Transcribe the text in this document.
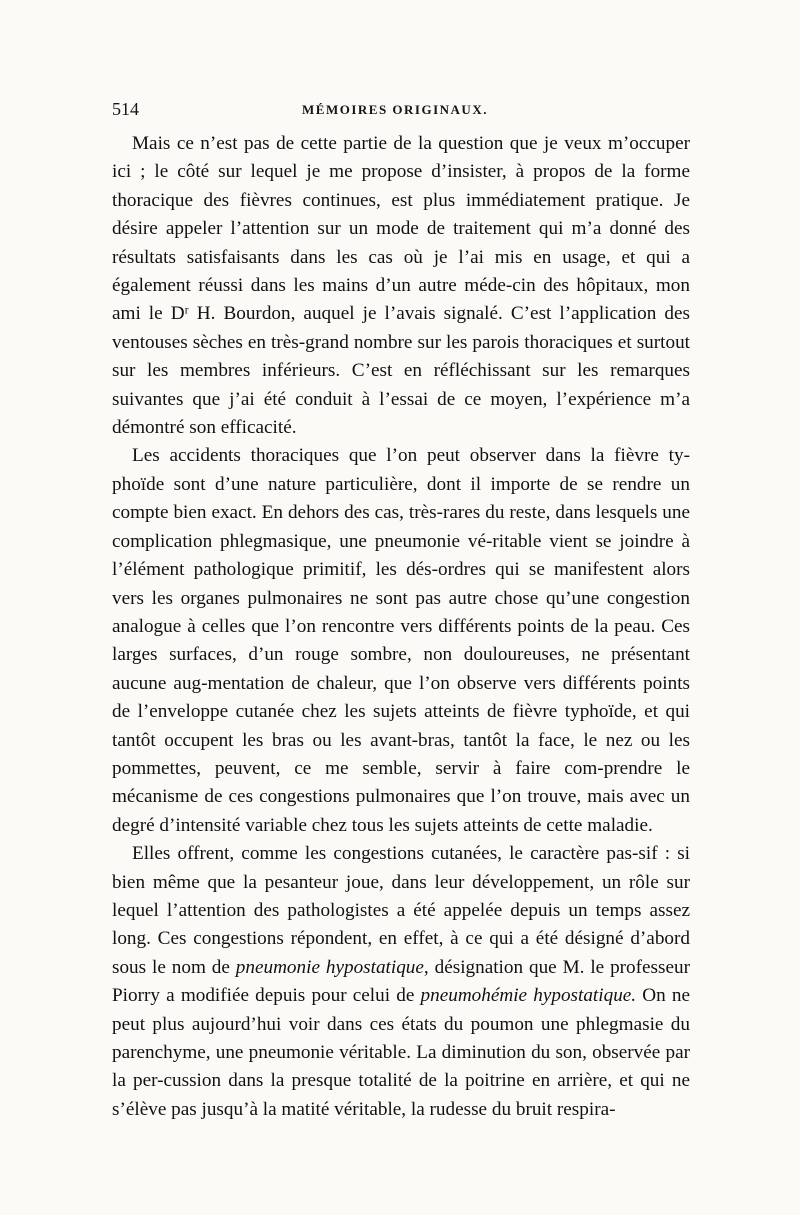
514	MÉMOIRES ORIGINAUX.

Mais ce n’est pas de cette partie de la question que je veux m’occuper ici ; le côté sur lequel je me propose d’insister, à propos de la forme thoracique des fièvres continues, est plus immédiatement pratique. Je désire appeler l’attention sur un mode de traitement qui m’a donné des résultats satisfaisants dans les cas où je l’ai mis en usage, et qui a également réussi dans les mains d’un autre méde-cin des hôpitaux, mon ami le Dʳ H. Bourdon, auquel je l’avais signalé. C’est l’application des ventouses sèches en très-grand nombre sur les parois thoraciques et surtout sur les membres inférieurs. C’est en réfléchissant sur les remarques suivantes que j’ai été conduit à l’essai de ce moyen, l’expérience m’a démontré son efficacité.

Les accidents thoraciques que l’on peut observer dans la fièvre ty-phoïde sont d’une nature particulière, dont il importe de se rendre un compte bien exact. En dehors des cas, très-rares du reste, dans lesquels une complication phlegmasique, une pneumonie vé-ritable vient se joindre à l’élément pathologique primitif, les dés-ordres qui se manifestent alors vers les organes pulmonaires ne sont pas autre chose qu’une congestion analogue à celles que l’on rencontre vers différents points de la peau. Ces larges surfaces, d’un rouge sombre, non douloureuses, ne présentant aucune aug-mentation de chaleur, que l’on observe vers différents points de l’enveloppe cutanée chez les sujets atteints de fièvre typhoïde, et qui tantôt occupent les bras ou les avant-bras, tantôt la face, le nez ou les pommettes, peuvent, ce me semble, servir à faire com-prendre le mécanisme de ces congestions pulmonaires que l’on trouve, mais avec un degré d’intensité variable chez tous les sujets atteints de cette maladie.

Elles offrent, comme les congestions cutanées, le caractère pas-sif : si bien même que la pesanteur joue, dans leur développement, un rôle sur lequel l’attention des pathologistes a été appelée depuis un temps assez long. Ces congestions répondent, en effet, à ce qui a été désigné d’abord sous le nom de pneumonie hypostatique, désignation que M. le professeur Piorry a modifiée depuis pour celui de pneumohémie hypostatique. On ne peut plus aujourd’hui voir dans ces états du poumon une phlegmasie du parenchyme, une pneumonie véritable. La diminution du son, observée par la per-cussion dans la presque totalité de la poitrine en arrière, et qui ne s’élève pas jusqu’à la matité véritable, la rudesse du bruit respira-
